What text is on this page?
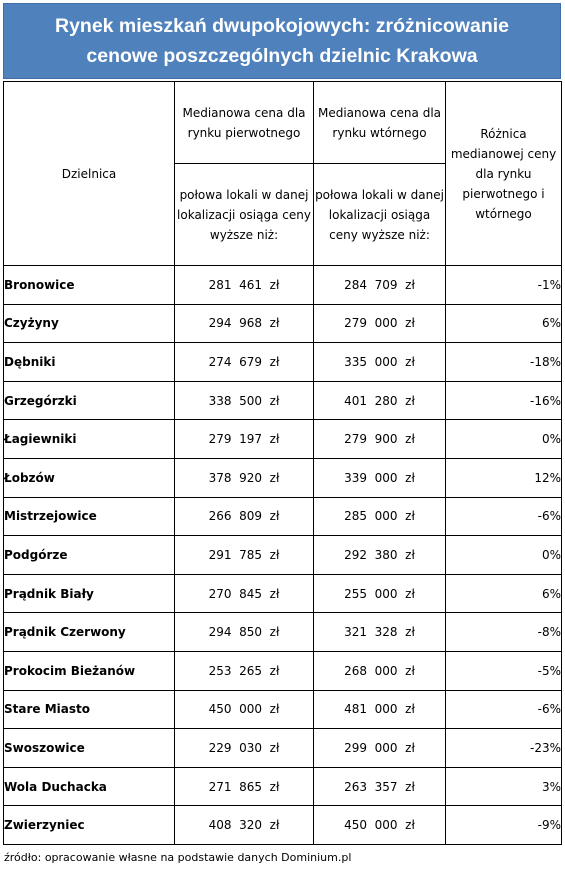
Rynek mieszkań dwupokojowych: zróżnicowanie cenowe poszczególnych dzielnic Krakowa
Dzielnica	Medianowa cena dla rynku pierwotnego	Medianowa cena dla rynku wtórnego	Różnica medianowej ceny dla rynku pierwotnego i wtórnego
	połowa lokali w danej lokalizacji osiąga ceny wyższe niż:	połowa lokali w danej lokalizacji osiąga ceny wyższe niż:	
Bronowice	281  461  zł	284  709  zł	-1%
Czyżyny	294  968  zł	279  000  zł	6%
Dębniki	274  679  zł	335  000  zł	-18%
Grzegórzki	338  500  zł	401  280  zł	-16%
Łagiewniki	279  197  zł	279  900  zł	0%
Łobzów	378  920  zł	339  000  zł	12%
Mistrzejowice	266  809  zł	285  000  zł	-6%
Podgórze	291  785  zł	292  380  zł	0%
Prądnik Biały	270  845  zł	255  000  zł	6%
Prądnik Czerwony	294  850  zł	321  328  zł	-8%
Prokocim Bieżanów	253  265  zł	268  000  zł	-5%
Stare Miasto	450  000  zł	481  000  zł	-6%
Swoszowice	229  030  zł	299  000  zł	-23%
Wola Duchacka	271  865  zł	263  357  zł	3%
Zwierzyniec	408  320  zł	450  000  zł	-9%
źródło: opracowanie własne na podstawie danych Dominium.pl
